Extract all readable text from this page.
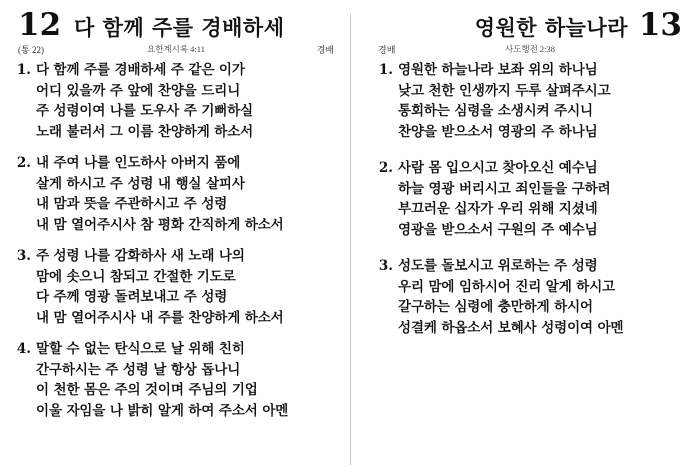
12 다 함께 주를 경배하세
(통 22)	요한계시록 4:11	경배
1. 다 함께 주를 경배하세 주 같은 이가
어디 있을까 주 앞에 찬양을 드리니
주 성령이여 나를 도우사 주 기뻐하실
노래 불러서 그 이름 찬양하게 하소서
2. 내 주여 나를 인도하사 아버지 품에
살게 하시고 주 성령 내 행실 살피사
내 맘과 뜻을 주관하시고 주 성령
내 맘 열어주시사 참 평화 간직하게 하소서
3. 주 성령 나를 감화하사 새 노래 나의
맘에 솟으니 참되고 간절한 기도로
다 주께 영광 돌려보내고 주 성령
내 맘 열어주시사 내 주를 찬양하게 하소서
4. 말할 수 없는 탄식으로 날 위해 친히
간구하시는 주 성령 날 항상 돕나니
이 천한 몸은 주의 것이며 주님의 기업
이울 자임을 나 밝히 알게 하여 주소서 아멘
13
영원한 하늘나라
경배	사도행전 2:38
1. 영원한 하늘나라 보좌 위의 하나님
낮고 천한 인생까지 두루 살펴주시고
통회하는 심령을 소생시켜 주시니
찬양을 받으소서 영광의 주 하나님
2. 사람 몸 입으시고 찾아오신 예수님
하늘 영광 버리시고 죄인들을 구하려
부끄러운 십자가 우리 위해 지셨네
영광을 받으소서 구원의 주 예수님
3. 성도를 돌보시고 위로하는 주 성령
우리 맘에 임하시어 진리 알게 하시고
갈구하는 심령에 충만하게 하시어
성결케 하옵소서 보혜사 성령이여 아멘
